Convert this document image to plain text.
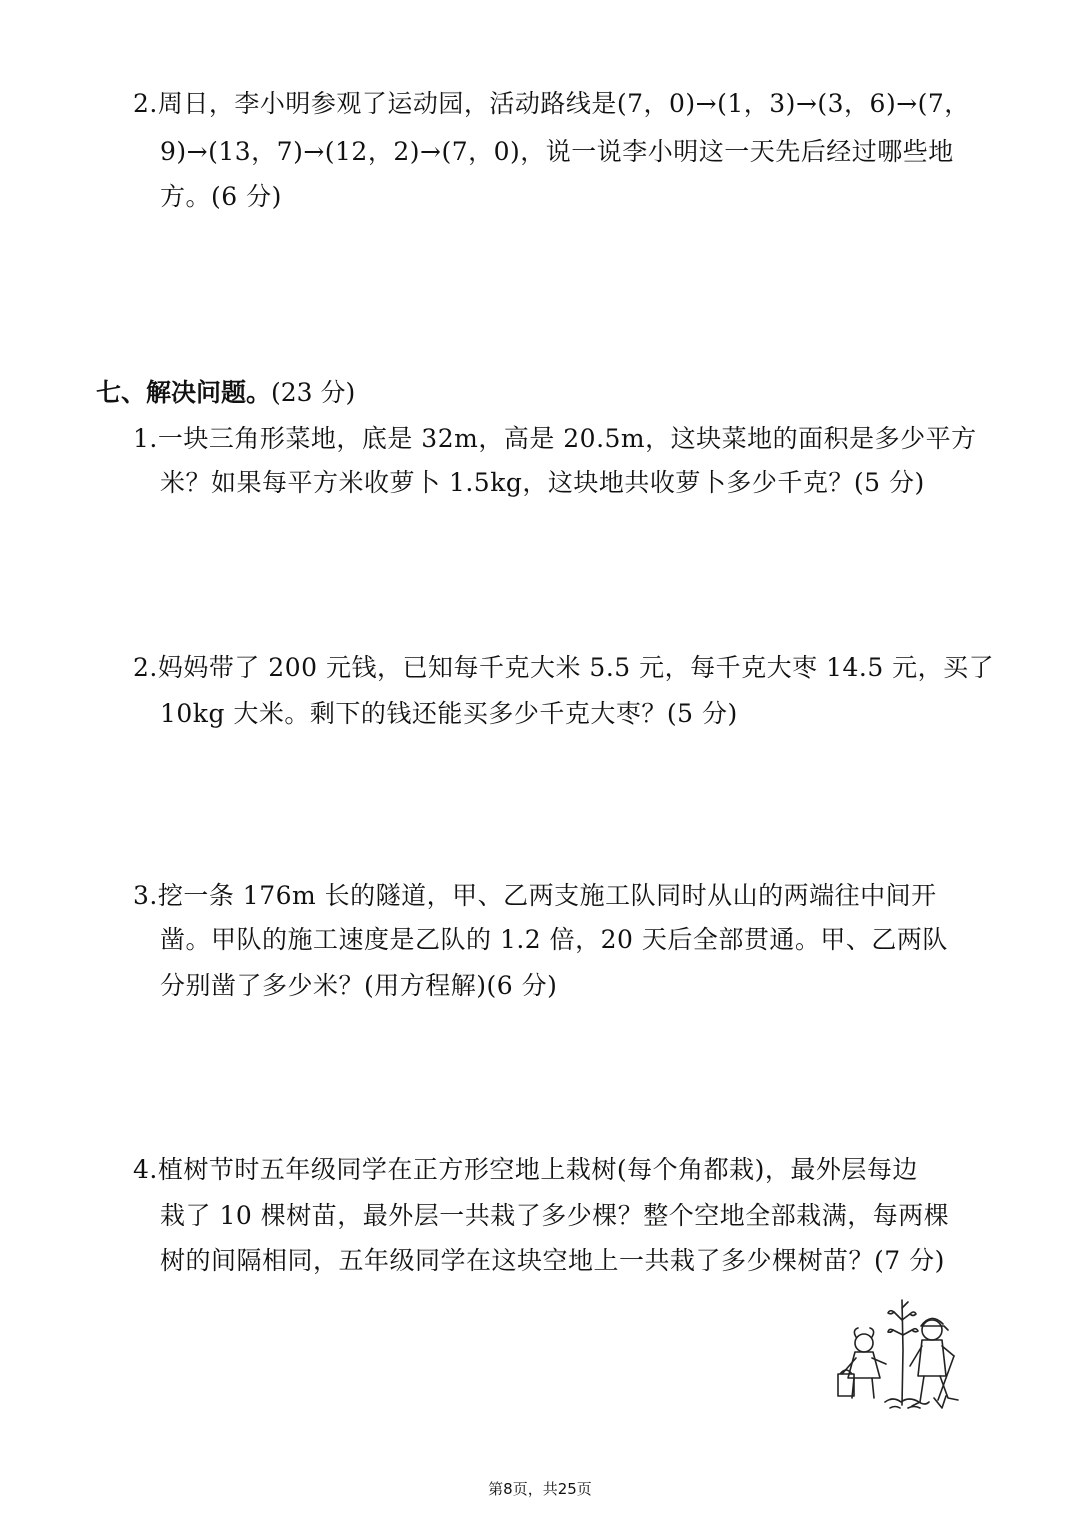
2.周日，李小明参观了运动园，活动路线是(7，0)→(1，3)→(3，6)→(7，
9)→(13，7)→(12，2)→(7，0)，说一说李小明这一天先后经过哪些地
方。(6 分)
七、解决问题。(23 分)
1.一块三角形菜地，底是 32m，高是 20.5m，这块菜地的面积是多少平方
米？如果每平方米收萝卜 1.5kg，这块地共收萝卜多少千克？(5 分)
2.妈妈带了 200 元钱，已知每千克大米 5.5 元，每千克大枣 14.5 元，买了
10kg 大米。剩下的钱还能买多少千克大枣？(5 分)
3.挖一条 176m 长的隧道，甲、乙两支施工队同时从山的两端往中间开
凿。甲队的施工速度是乙队的 1.2 倍，20 天后全部贯通。甲、乙两队
分别凿了多少米？(用方程解)(6 分)
4.植树节时五年级同学在正方形空地上栽树(每个角都栽)，最外层每边
栽了 10 棵树苗，最外层一共栽了多少棵？整个空地全部栽满，每两棵
树的间隔相同，五年级同学在这块空地上一共栽了多少棵树苗？(7 分)
第8页，共25页
